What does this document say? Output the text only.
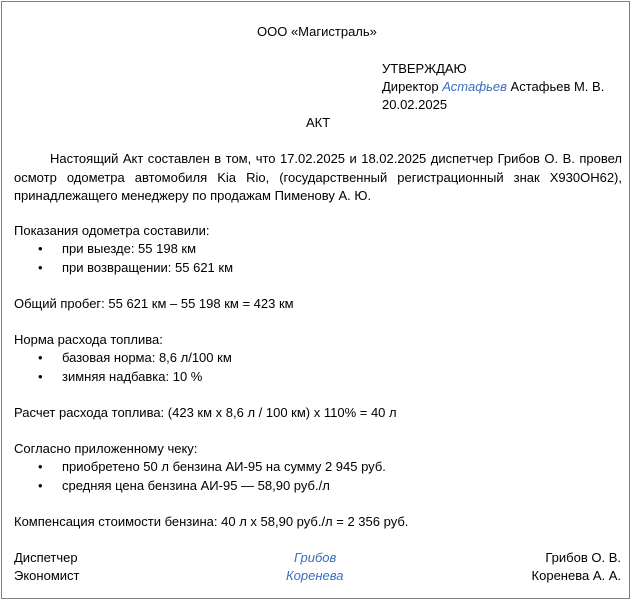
ООО «Магистраль»
УТВЕРЖДАЮ
Директор Астафьев Астафьев М. В.
20.02.2025
АКТ
Настоящий Акт составлен в том, что 17.02.2025 и 18.02.2025 диспетчер Грибов О. В. провел осмотр одометра автомобиля Kia Rio, (государственный регистрационный знак Х930ОН62), принадлежащего менеджеру по продажам Пименову А. Ю.
Показания одометра составили:
• при выезде: 55 198 км
• при возвращении: 55 621 км
Общий пробег: 55 621 км – 55 198 км = 423 км
Норма расхода топлива:
• базовая норма: 8,6 л/100 км
• зимняя надбавка: 10 %
Расчет расхода топлива: (423 км х 8,6 л / 100 км) х 110% = 40 л
Согласно приложенному чеку:
• приобретено 50 л бензина АИ-95 на сумму 2 945 руб.
• средняя цена бензина АИ-95 — 58,90 руб./л
Компенсация стоимости бензина: 40 л х 58,90 руб./л = 2 356 руб.
Диспетчер	Грибов	Грибов О. В.
Экономист	Коренева	Коренева А. А.
